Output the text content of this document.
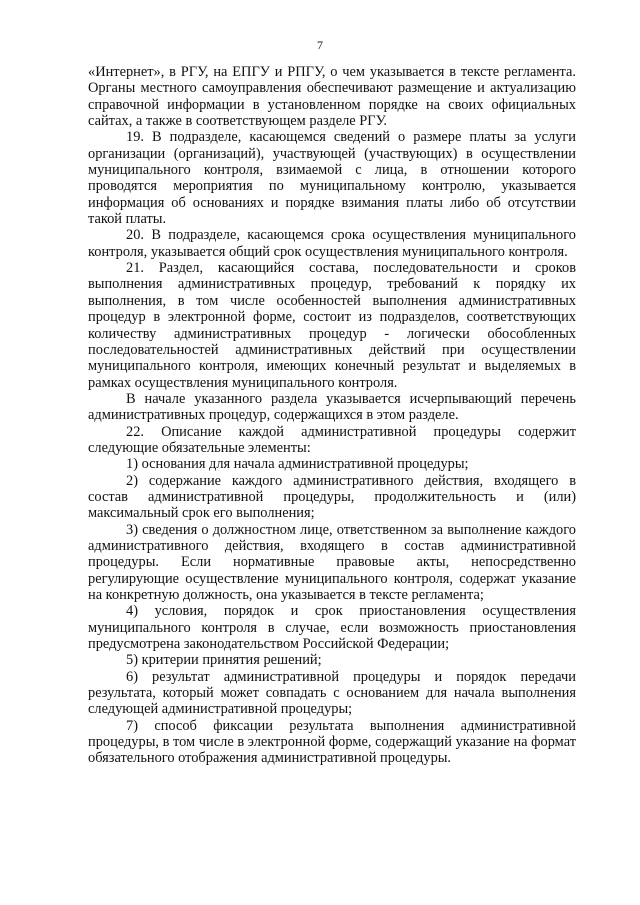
7

«Интернет», в РГУ, на ЕПГУ и РПГУ, о чем указывается в тексте регламента. Органы местного самоуправления обеспечивают размещение и актуализацию справочной информации в установленном порядке на своих официальных сайтах, а также в соответствующем разделе РГУ.

19. В подразделе, касающемся сведений о размере платы за услуги организации (организаций), участвующей (участвующих) в осуществлении муниципального контроля, взимаемой с лица, в отношении которого проводятся мероприятия по муниципальному контролю, указывается информация об основаниях и порядке взимания платы либо об отсутствии такой платы.

20. В подразделе, касающемся срока осуществления муниципального контроля, указывается общий срок осуществления муниципального контроля.

21. Раздел, касающийся состава, последовательности и сроков выполнения административных процедур, требований к порядку их выполнения, в том числе особенностей выполнения административных процедур в электронной форме, состоит из подразделов, соответствующих количеству административных процедур - логически обособленных последовательностей административных действий при осуществлении муниципального контроля, имеющих конечный результат и выделяемых в рамках осуществления муниципального контроля.

В начале указанного раздела указывается исчерпывающий перечень административных процедур, содержащихся в этом разделе.

22. Описание каждой административной процедуры содержит следующие обязательные элементы:

1) основания для начала административной процедуры;

2) содержание каждого административного действия, входящего в состав административной процедуры, продолжительность и (или) максимальный срок его выполнения;

3) сведения о должностном лице, ответственном за выполнение каждого административного действия, входящего в состав административной процедуры. Если нормативные правовые акты, непосредственно регулирующие осуществление муниципального контроля, содержат указание на конкретную должность, она указывается в тексте регламента;

4) условия, порядок и срок приостановления осуществления муниципального контроля в случае, если возможность приостановления предусмотрена законодательством Российской Федерации;

5) критерии принятия решений;

6) результат административной процедуры и порядок передачи результата, который может совпадать с основанием для начала выполнения следующей административной процедуры;

7) способ фиксации результата выполнения административной процедуры, в том числе в электронной форме, содержащий указание на формат обязательного отображения административной процедуры.
